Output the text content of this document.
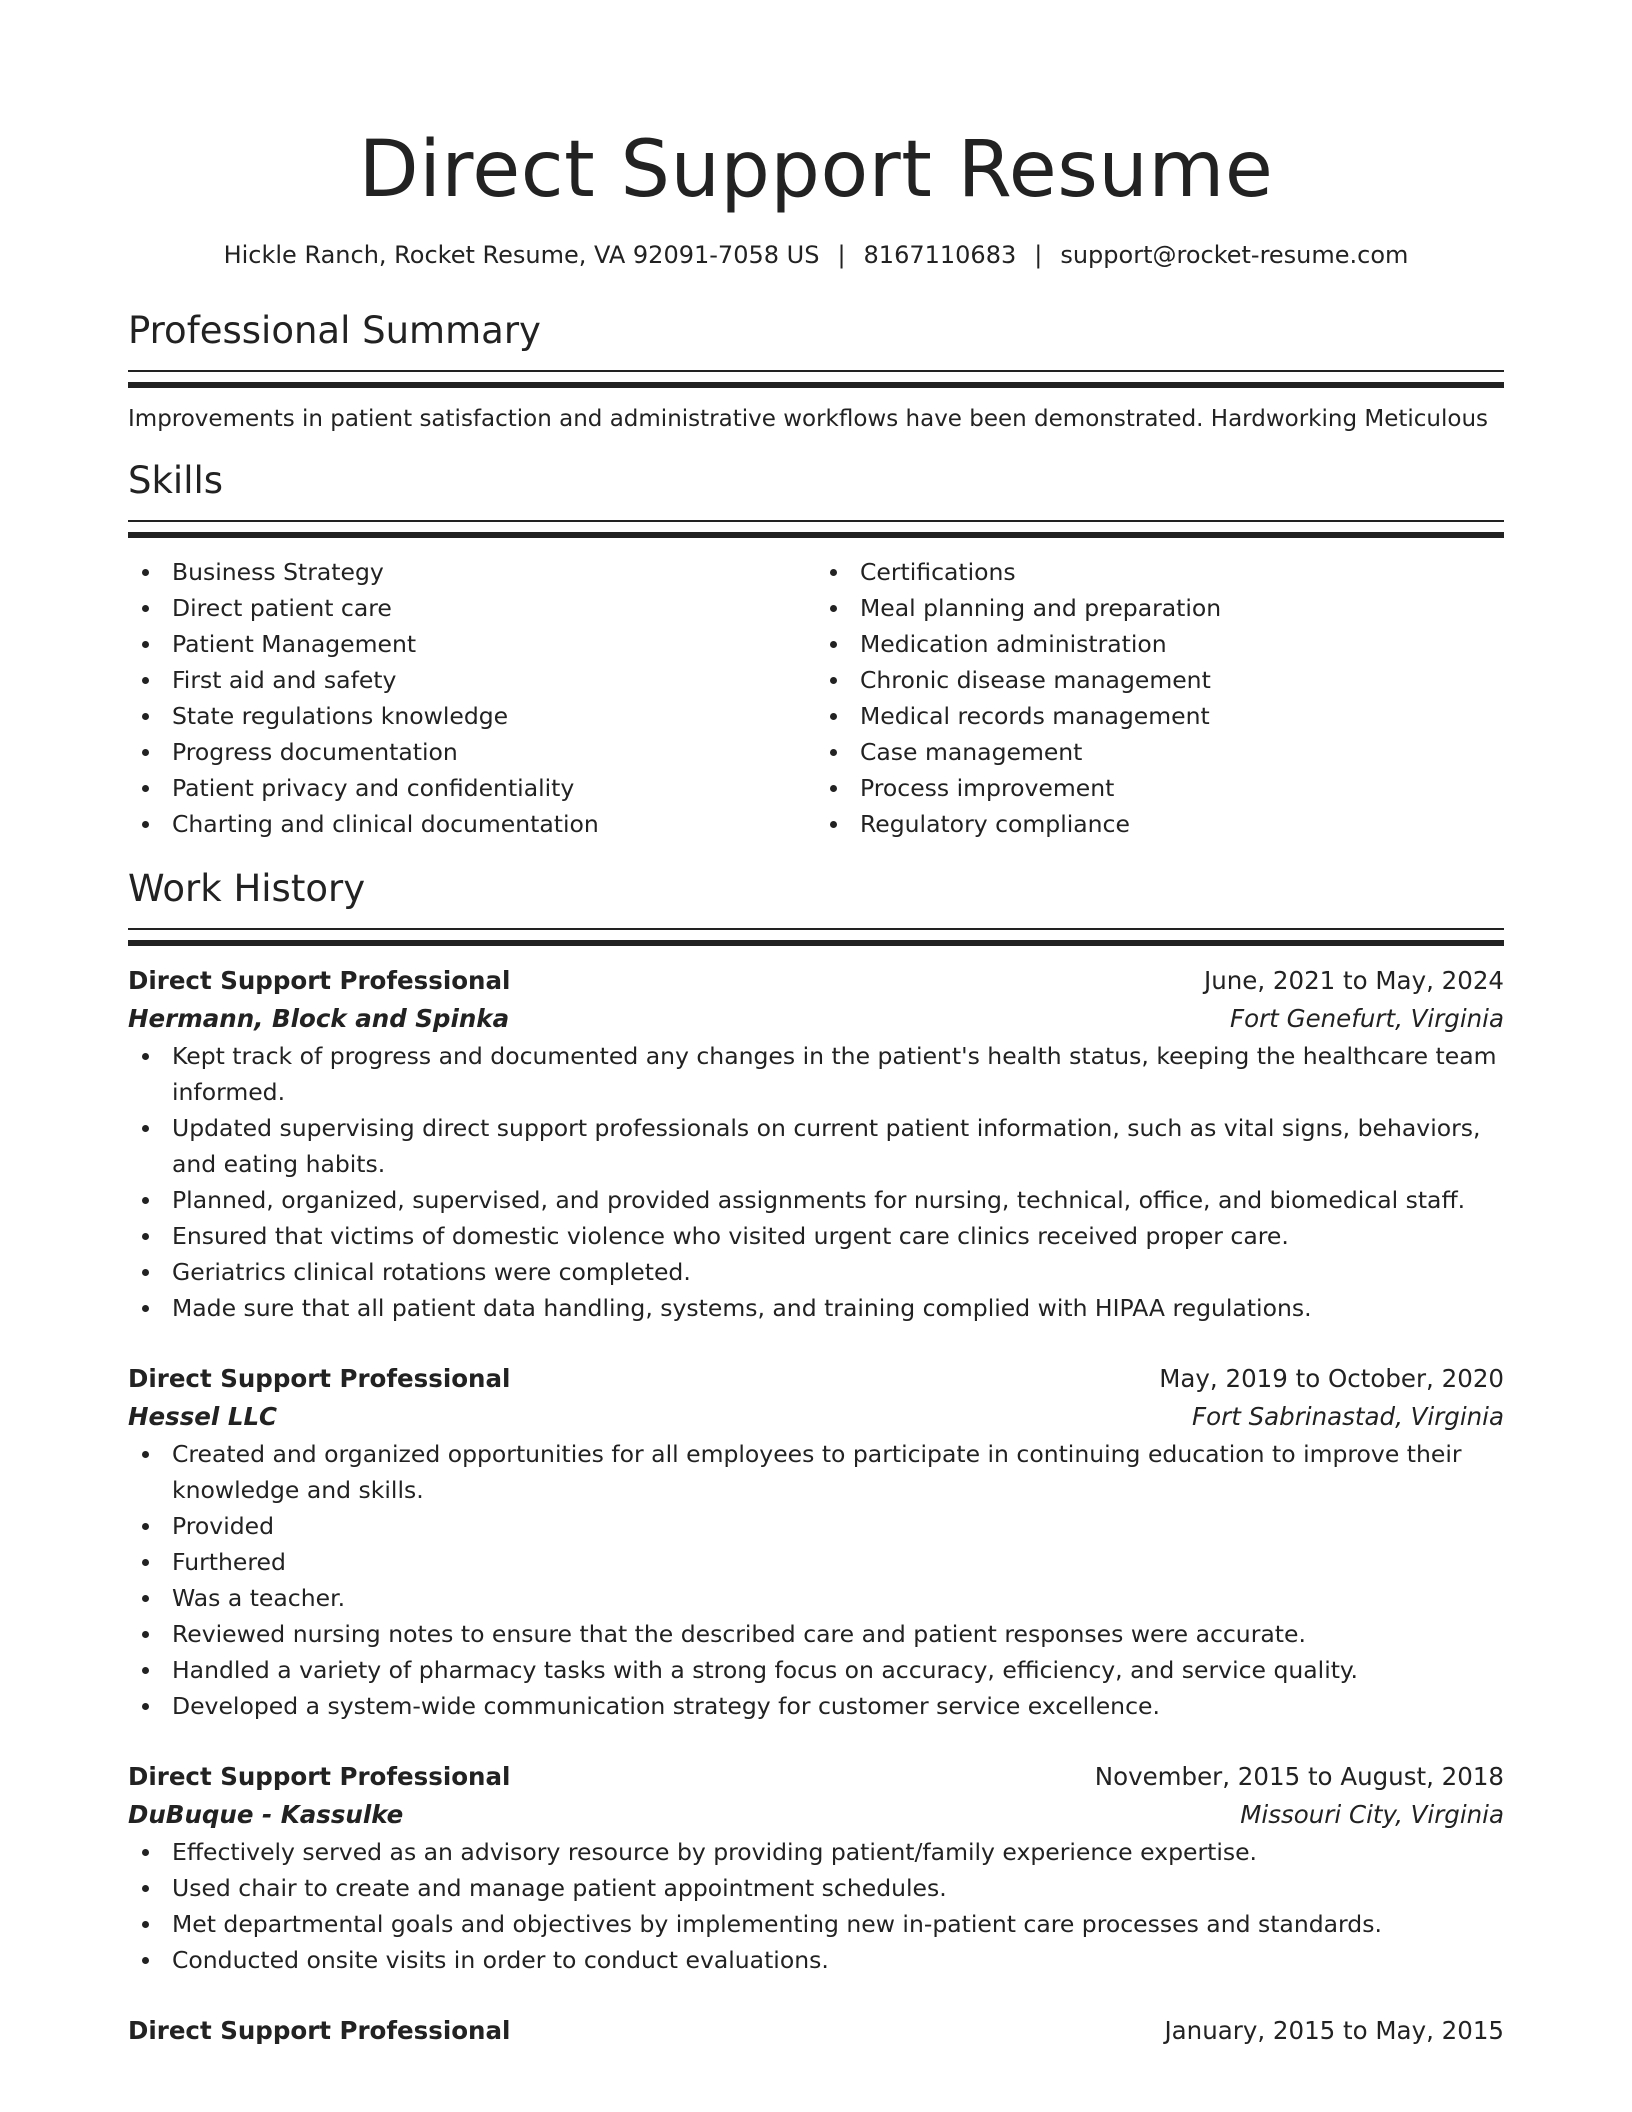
Direct Support Resume
Hickle Ranch, Rocket Resume, VA 92091-7058 US | 8167110683 | support@rocket-resume.com
Professional Summary
Improvements in patient satisfaction and administrative workflows have been demonstrated. Hardworking Meticulous
Skills
Business Strategy
Direct patient care
Patient Management
First aid and safety
State regulations knowledge
Progress documentation
Patient privacy and confidentiality
Charting and clinical documentation
Certifications
Meal planning and preparation
Medication administration
Chronic disease management
Medical records management
Case management
Process improvement
Regulatory compliance
Work History
Direct Support Professional	June, 2021 to May, 2024
Hermann, Block and Spinka	Fort Genefurt, Virginia
Kept track of progress and documented any changes in the patient's health status, keeping the healthcare team informed.
Updated supervising direct support professionals on current patient information, such as vital signs, behaviors, and eating habits.
Planned, organized, supervised, and provided assignments for nursing, technical, office, and biomedical staff.
Ensured that victims of domestic violence who visited urgent care clinics received proper care.
Geriatrics clinical rotations were completed.
Made sure that all patient data handling, systems, and training complied with HIPAA regulations.
Direct Support Professional	May, 2019 to October, 2020
Hessel LLC	Fort Sabrinastad, Virginia
Created and organized opportunities for all employees to participate in continuing education to improve their knowledge and skills.
Provided
Furthered
Was a teacher.
Reviewed nursing notes to ensure that the described care and patient responses were accurate.
Handled a variety of pharmacy tasks with a strong focus on accuracy, efficiency, and service quality.
Developed a system-wide communication strategy for customer service excellence.
Direct Support Professional	November, 2015 to August, 2018
DuBuque - Kassulke	Missouri City, Virginia
Effectively served as an advisory resource by providing patient/family experience expertise.
Used chair to create and manage patient appointment schedules.
Met departmental goals and objectives by implementing new in-patient care processes and standards.
Conducted onsite visits in order to conduct evaluations.
Direct Support Professional	January, 2015 to May, 2015
